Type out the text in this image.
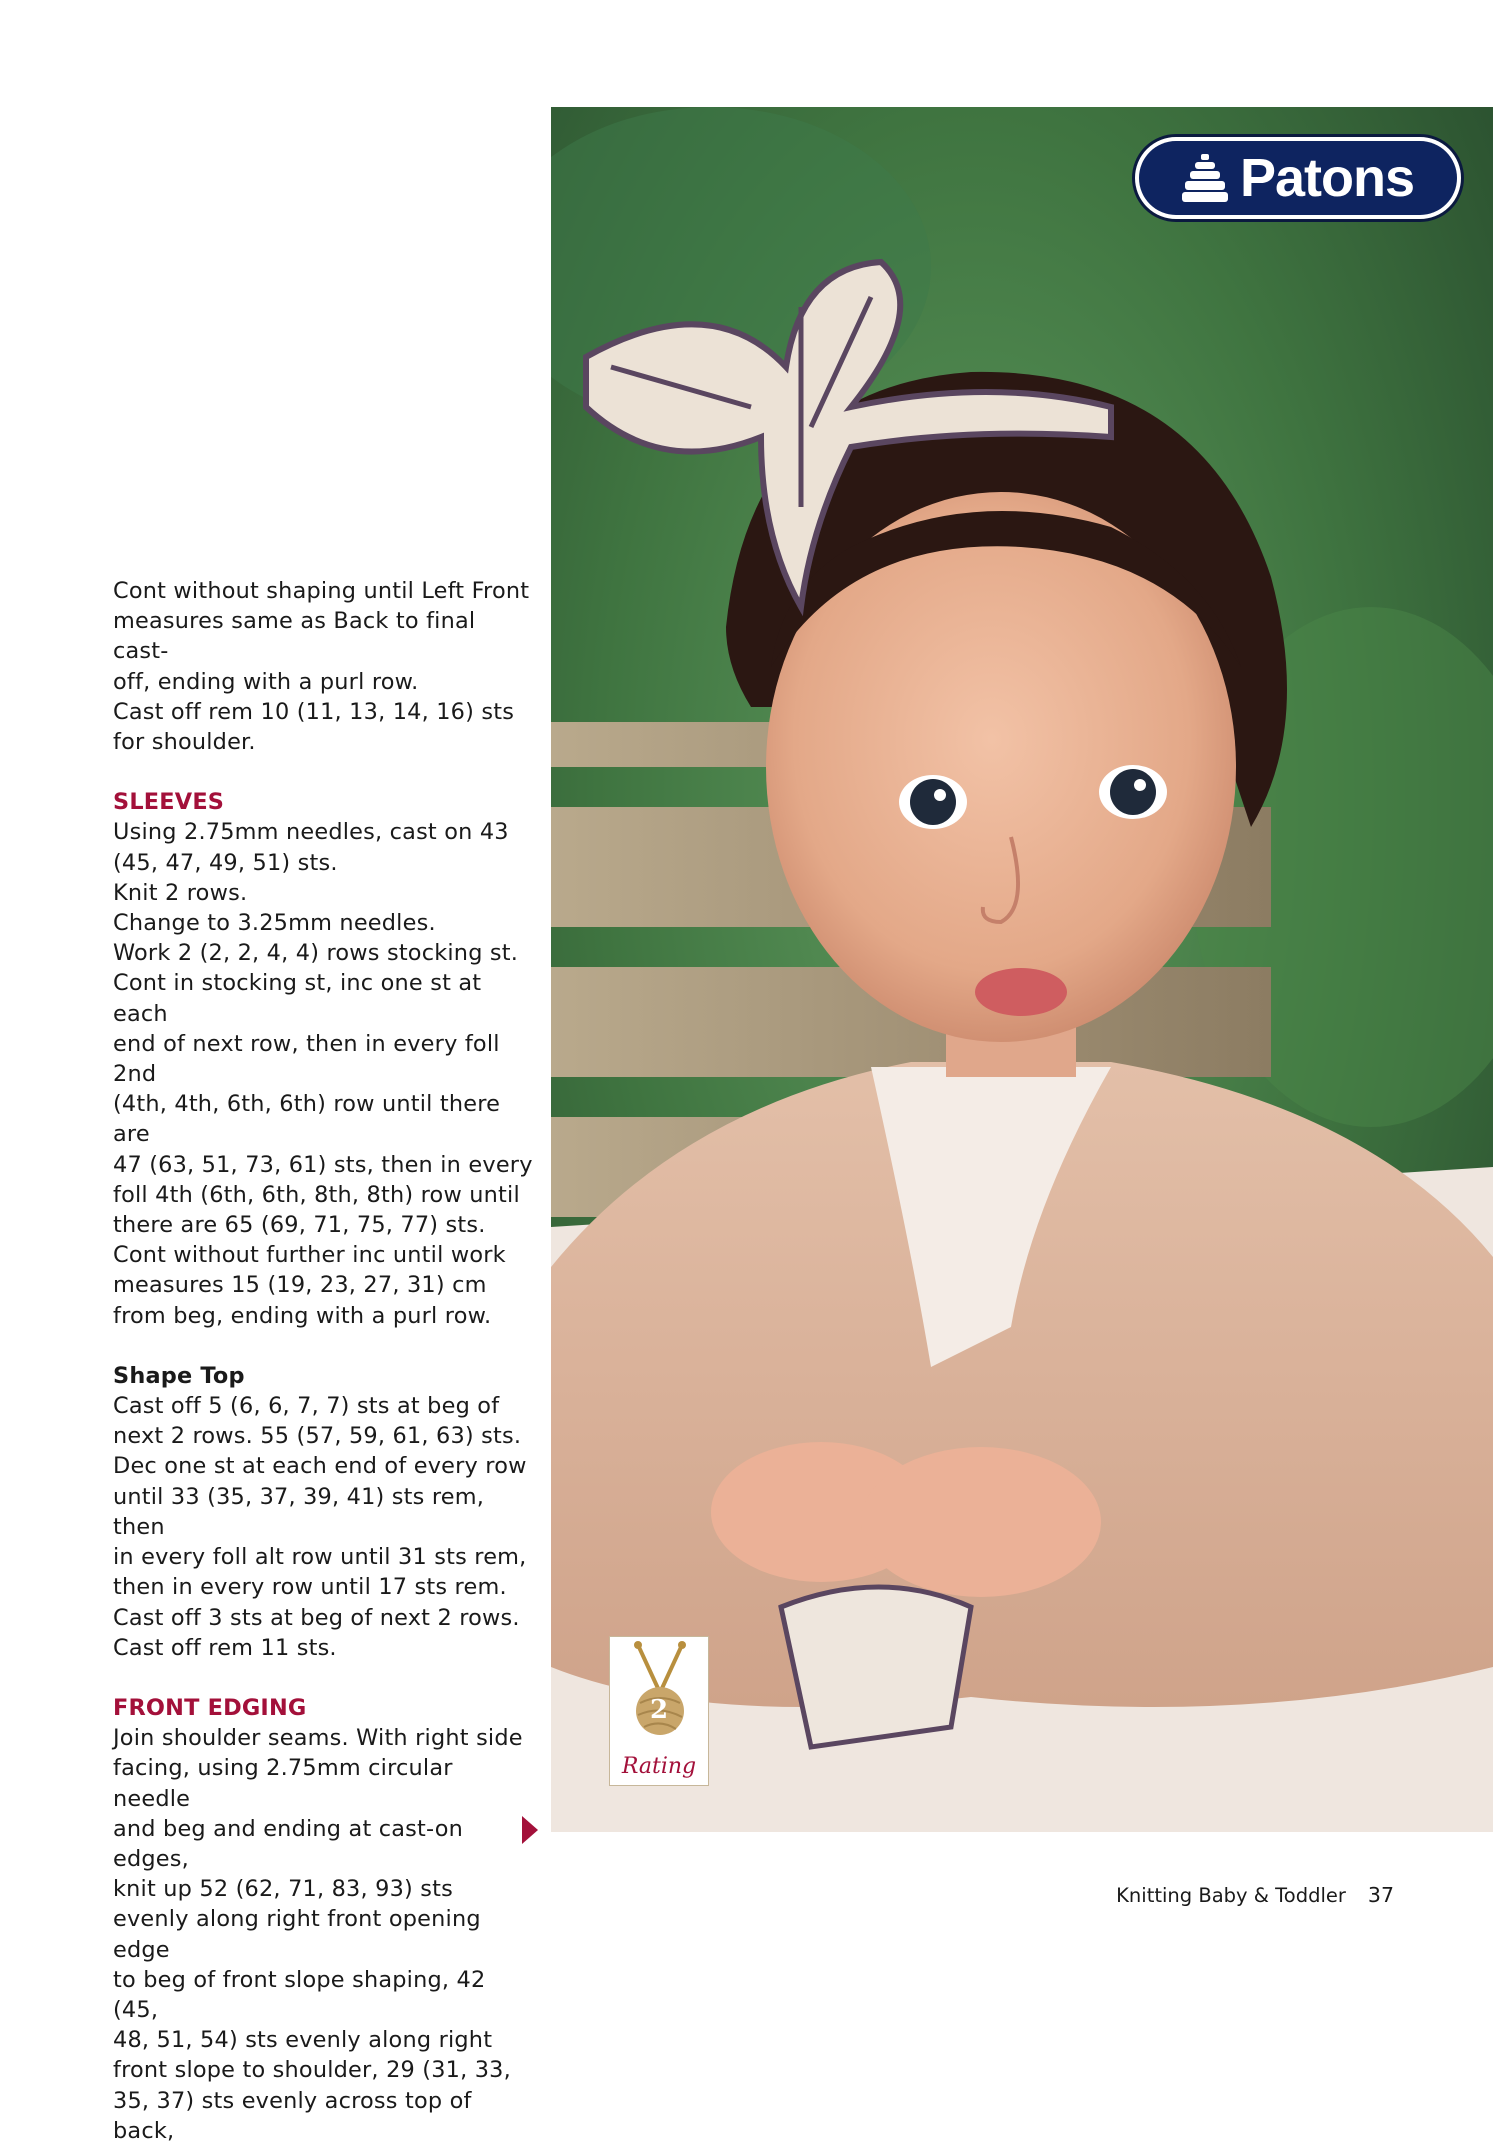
Cont without shaping until Left Front
measures same as Back to final cast-
off, ending with a purl row.
Cast off rem 10 (11, 13, 14, 16) sts
for shoulder.

SLEEVES

Using 2.75mm needles, cast on 43
(45, 47, 49, 51) sts.
Knit 2 rows.
Change to 3.25mm needles.
Work 2 (2, 2, 4, 4) rows stocking st.
Cont in stocking st, inc one st at each
end of next row, then in every foll 2nd
(4th, 4th, 6th, 6th) row until there are
47 (63, 51, 73, 61) sts, then in every
foll 4th (6th, 6th, 8th, 8th) row until
there are 65 (69, 71, 75, 77) sts.
Cont without further inc until work
measures 15 (19, 23, 27, 31) cm
from beg, ending with a purl row.

Shape Top

Cast off 5 (6, 6, 7, 7) sts at beg of
next 2 rows. 55 (57, 59, 61, 63) sts.
Dec one st at each end of every row
until 33 (35, 37, 39, 41) sts rem, then
in every foll alt row until 31 sts rem,
then in every row until 17 sts rem.
Cast off 3 sts at beg of next 2 rows.
Cast off rem 11 sts.

FRONT EDGING

Join shoulder seams. With right side
facing, using 2.75mm circular needle
and beg and ending at cast-on edges,
knit up 52 (62, 71, 83, 93) sts
evenly along right front opening edge
to beg of front slope shaping, 42 (45,
48, 51, 54) sts evenly along right
front slope to shoulder, 29 (31, 33,
35, 37) sts evenly across top of back,

Patons
2
Rating
Knitting Baby & Toddler 37
